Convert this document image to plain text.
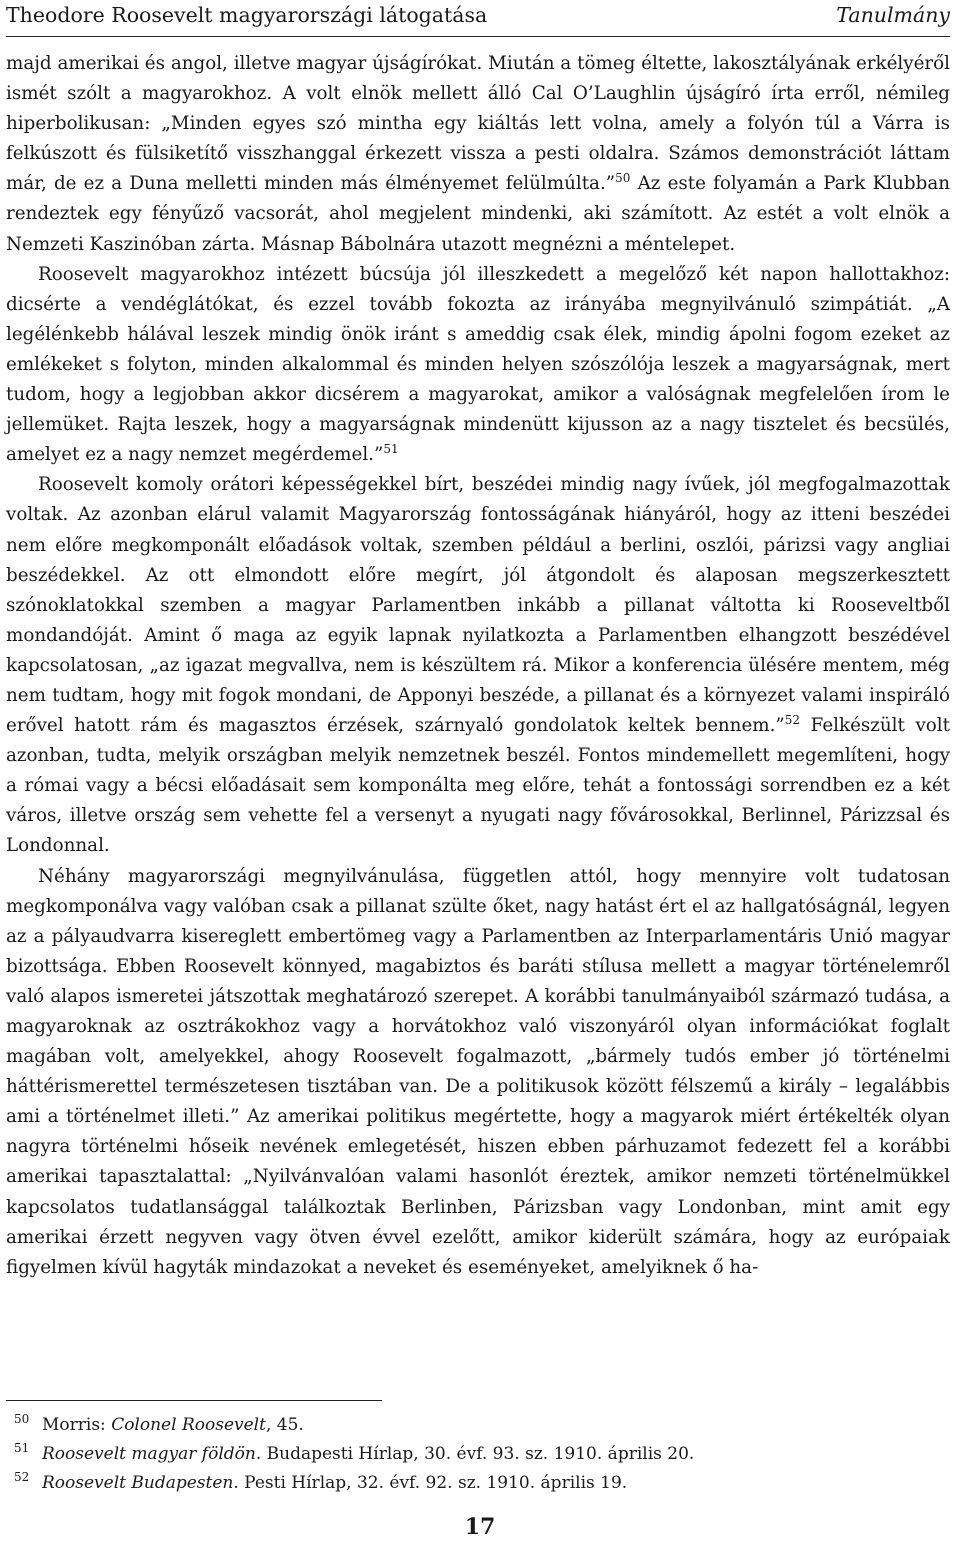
Theodore Roosevelt magyarországi látogatása	Tanulmány

majd amerikai és angol, illetve magyar újságírókat. Miután a tömeg éltette, lakosztályának erkélyéről ismét szólt a magyarokhoz. A volt elnök mellett álló Cal O’Laughlin újságíró írta erről, némileg hiperbolikusan: „Minden egyes szó mintha egy kiáltás lett volna, amely a folyón túl a Várra is felkúszott és fülsiketítő visszhanggal érkezett vissza a pesti oldalra. Számos demonstrációt láttam már, de ez a Duna melletti minden más élményemet felülmúlta.”$^{50}$ Az este folyamán a Park Klubban rendeztek egy fényűző vacsorát, ahol megjelent mindenki, aki számított. Az estét a volt elnök a Nemzeti Kaszinóban zárta. Másnap Bábolnára utazott megnézni a méntelepet.

Roosevelt magyarokhoz intézett búcsúja jól illeszkedett a megelőző két napon hallottakhoz: dicsérte a vendéglátókat, és ezzel tovább fokozta az irányába megnyilvánuló szimpátiát. „A legélénkebb hálával leszek mindig önök iránt s ameddig csak élek, mindig ápolni fogom ezeket az emlékeket s folyton, minden alkalommal és minden helyen szószólója leszek a magyarságnak, mert tudom, hogy a legjobban akkor dicsérem a magyarokat, amikor a valóságnak megfelelően írom le jellemüket. Rajta leszek, hogy a magyarságnak mindenütt kijusson az a nagy tisztelet és becsülés, amelyet ez a nagy nemzet megérdemel.”$^{51}$

Roosevelt komoly orátori képességekkel bírt, beszédei mindig nagy ívűek, jól megfogalmazottak voltak. Az azonban elárul valamit Magyarország fontosságának hiányáról, hogy az itteni beszédei nem előre megkomponált előadások voltak, szemben például a berlini, oszlói, párizsi vagy angliai beszédekkel. Az ott elmondott előre megírt, jól átgondolt és alaposan megszerkesztett szónoklatokkal szemben a magyar Parlamentben inkább a pillanat váltotta ki Rooseveltből mondandóját. Amint ő maga az egyik lapnak nyilatkozta a Parlamentben elhangzott beszédével kapcsolatosan, „az igazat megvallva, nem is készültem rá. Mikor a konferencia ülésére mentem, még nem tudtam, hogy mit fogok mondani, de Apponyi beszéde, a pillanat és a környezet valami inspiráló erővel hatott rám és magasztos érzések, szárnyaló gondolatok keltek bennem.”$^{52}$ Felkészült volt azonban, tudta, melyik országban melyik nemzetnek beszél. Fontos mindemellett megemlíteni, hogy a római vagy a bécsi előadásait sem komponálta meg előre, tehát a fontossági sorrendben ez a két város, illetve ország sem vehette fel a versenyt a nyugati nagy fővárosokkal, Berlinnel, Párizzsal és Londonnal.

Néhány magyarországi megnyilvánulása, független attól, hogy mennyire volt tudatosan megkomponálva vagy valóban csak a pillanat szülte őket, nagy hatást ért el az hallgatóságnál, legyen az a pályaudvarra kisereglett embertömeg vagy a Parlamentben az Interparlamentáris Unió magyar bizottsága. Ebben Roosevelt könnyed, magabiztos és baráti stílusa mellett a magyar történelemről való alapos ismeretei játszottak meghatározó szerepet. A korábbi tanulmányaiból származó tudása, a magyaroknak az osztrákokhoz vagy a horvátokhoz való viszonyáról olyan információkat foglalt magában volt, amelyekkel, ahogy Roosevelt fogalmazott, „bármely tudós ember jó történelmi háttérismerettel természetesen tisztában van. De a politikusok között félszemű a király – legalábbis ami a történelmet illeti.” Az amerikai politikus megértette, hogy a magyarok miért értékelték olyan nagyra történelmi hőseik nevének emlegetését, hiszen ebben párhuzamot fedezett fel a korábbi amerikai tapasztalattal: „Nyilvánvalóan valami hasonlót éreztek, amikor nemzeti történelmükkel kapcsolatos tudatlansággal találkoztak Berlinben, Párizsban vagy Londonban, mint amit egy amerikai érzett negyven vagy ötven évvel ezelőtt, amikor kiderült számára, hogy az európaiak figyelmen kívül hagyták mindazokat a neveket és eseményeket, amelyiknek ő ha-

50 Morris: Colonel Roosevelt, 45.
51 Roosevelt magyar földön. Budapesti Hírlap, 30. évf. 93. sz. 1910. április 20.
52 Roosevelt Budapesten. Pesti Hírlap, 32. évf. 92. sz. 1910. április 19.
17
